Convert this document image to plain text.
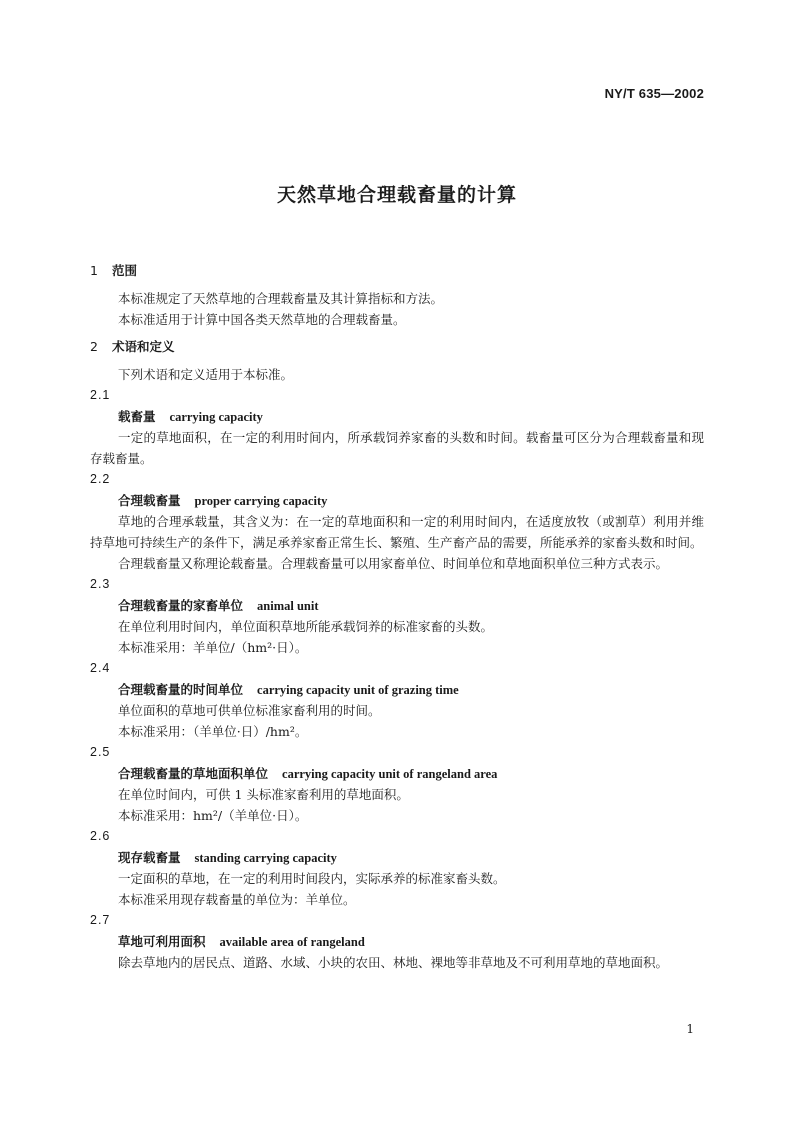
NY/T 635—2002
天然草地合理载畜量的计算
1 范围

本标准规定了天然草地的合理载畜量及其计算指标和方法。

本标准适用于计算中国各类天然草地的合理载畜量。

2 术语和定义

下列术语和定义适用于本标准。

2.1
载畜量 carrying capacity

一定的草地面积，在一定的利用时间内，所承载饲养家畜的头数和时间。载畜量可区分为合理载畜量和现存载畜量。

2.2
合理载畜量 proper carrying capacity

草地的合理承载量，其含义为：在一定的草地面积和一定的利用时间内，在适度放牧（或割草）利用并维持草地可持续生产的条件下，满足承养家畜正常生长、繁殖、生产畜产品的需要，所能承养的家畜头数和时间。

合理载畜量又称理论载畜量。合理载畜量可以用家畜单位、时间单位和草地面积单位三种方式表示。

2.3
合理载畜量的家畜单位 animal unit

在单位利用时间内，单位面积草地所能承载饲养的标准家畜的头数。

本标准采用：羊单位/（hm²·日）。

2.4
合理载畜量的时间单位 carrying capacity unit of grazing time

单位面积的草地可供单位标准家畜利用的时间。

本标准采用：（羊单位·日）/hm²。

2.5
合理载畜量的草地面积单位 carrying capacity unit of rangeland area

在单位时间内，可供 1 头标准家畜利用的草地面积。

本标准采用：hm²/（羊单位·日）。

2.6
现存载畜量 standing carrying capacity

一定面积的草地，在一定的利用时间段内，实际承养的标准家畜头数。

本标准采用现存载畜量的单位为：羊单位。

2.7
草地可利用面积 available area of rangeland

除去草地内的居民点、道路、水域、小块的农田、林地、裸地等非草地及不可利用草地的草地面积。

1
